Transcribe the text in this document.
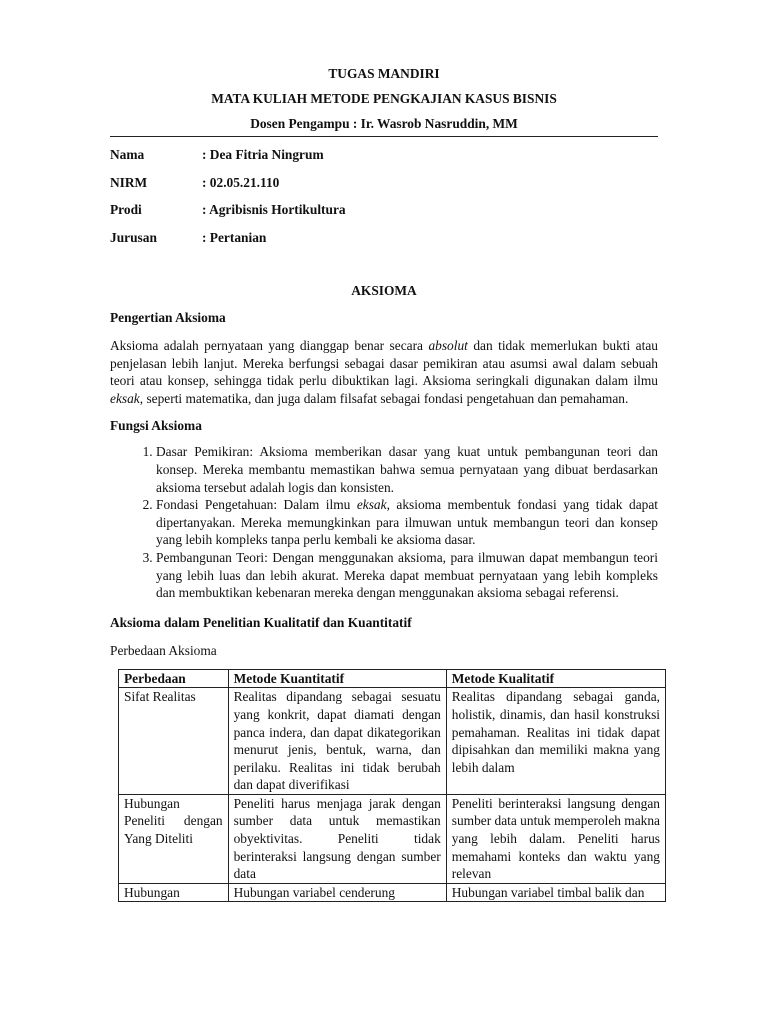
TUGAS MANDIRI

MATA KULIAH METODE PENGKAJIAN KASUS BISNIS

Dosen Pengampu : Ir. Wasrob Nasruddin, MM

Nama	: Dea Fitria Ningrum
NIRM	: 02.05.21.110
Prodi	: Agribisnis Hortikultura
Jurusan	: Pertanian

AKSIOMA

Pengertian Aksioma

Aksioma adalah pernyataan yang dianggap benar secara absolut dan tidak memerlukan bukti atau penjelasan lebih lanjut. Mereka berfungsi sebagai dasar pemikiran atau asumsi awal dalam sebuah teori atau konsep, sehingga tidak perlu dibuktikan lagi. Aksioma seringkali digunakan dalam ilmu eksak, seperti matematika, dan juga dalam filsafat sebagai fondasi pengetahuan dan pemahaman.

Fungsi Aksioma

1. Dasar Pemikiran: Aksioma memberikan dasar yang kuat untuk pembangunan teori dan konsep. Mereka membantu memastikan bahwa semua pernyataan yang dibuat berdasarkan aksioma tersebut adalah logis dan konsisten.
2. Fondasi Pengetahuan: Dalam ilmu eksak, aksioma membentuk fondasi yang tidak dapat dipertanyakan. Mereka memungkinkan para ilmuwan untuk membangun teori dan konsep yang lebih kompleks tanpa perlu kembali ke aksioma dasar.
3. Pembangunan Teori: Dengan menggunakan aksioma, para ilmuwan dapat membangun teori yang lebih luas dan lebih akurat. Mereka dapat membuat pernyataan yang lebih kompleks dan membuktikan kebenaran mereka dengan menggunakan aksioma sebagai referensi.

Aksioma dalam Penelitian Kualitatif dan Kuantitatif

Perbedaan Aksioma

Perbedaan	Metode Kuantitatif	Metode Kualitatif
Sifat Realitas	Realitas dipandang sebagai sesuatu yang konkrit, dapat diamati dengan panca indera, dan dapat dikategorikan menurut jenis, bentuk, warna, dan perilaku. Realitas ini tidak berubah dan dapat diverifikasi	Realitas dipandang sebagai ganda, holistik, dinamis, dan hasil konstruksi pemahaman. Realitas ini tidak dapat dipisahkan dan memiliki makna yang lebih dalam
Hubungan Peneliti dengan Yang Diteliti	Peneliti harus menjaga jarak dengan sumber data untuk memastikan obyektivitas. Peneliti tidak berinteraksi langsung dengan sumber data	Peneliti berinteraksi langsung dengan sumber data untuk memperoleh makna yang lebih dalam. Peneliti harus memahami konteks dan waktu yang relevan
Hubungan	Hubungan variabel cenderung	Hubungan variabel timbal balik dan
